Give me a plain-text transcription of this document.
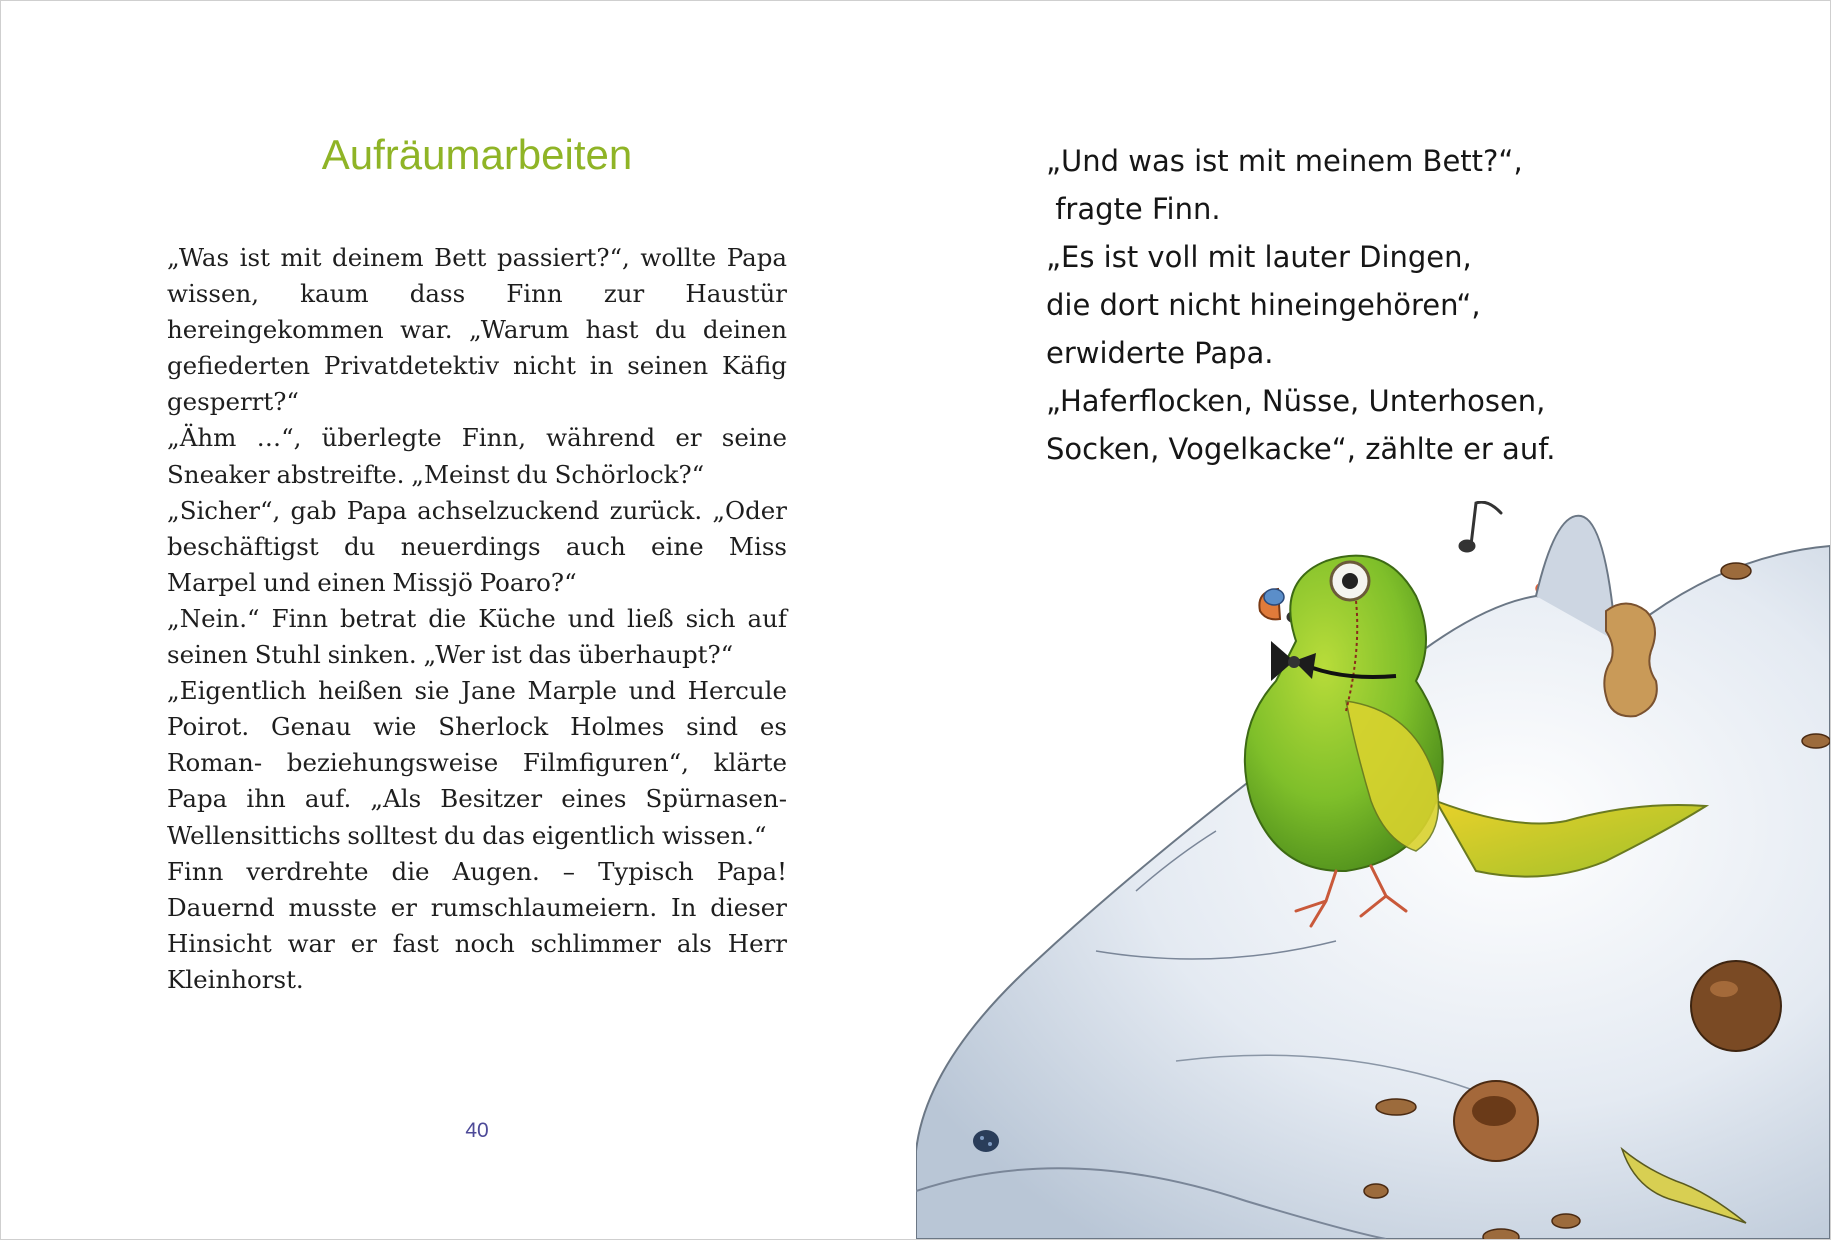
Aufräumarbeiten

„Was ist mit deinem Bett passiert?“, wollte Papa wissen, kaum dass Finn zur Haustür hereingekommen war. „Warum hast du deinen gefiederten Privatdetektiv nicht in seinen Käfig gesperrt?“

„Ähm …“, überlegte Finn, während er seine Sneaker abstreifte. „Meinst du Schörlock?“

„Sicher“, gab Papa achselzuckend zurück. „Oder beschäftigst du neuerdings auch eine Miss Marpel und einen Missjö Poaro?“

„Nein.“ Finn betrat die Küche und ließ sich auf seinen Stuhl sinken. „Wer ist das überhaupt?“

„Eigentlich heißen sie Jane Marple und Hercule Poirot. Genau wie Sherlock Holmes sind es Roman- beziehungsweise Filmfiguren“, klärte Papa ihn auf. „Als Besitzer eines Spürnasen-Wellensittichs solltest du das eigentlich wissen.“

Finn verdrehte die Augen. – Typisch Papa! Dauernd musste er rumschlaumeiern. In dieser Hinsicht war er fast noch schlimmer als Herr Kleinhorst.

40
„Und was ist mit meinem Bett?“,
fragte Finn.
„Es ist voll mit lauter Dingen,
die dort nicht hineingehören“,
erwiderte Papa.
„Haferflocken, Nüsse, Unterhosen,
Socken, Vogelkacke“, zählte er auf.
